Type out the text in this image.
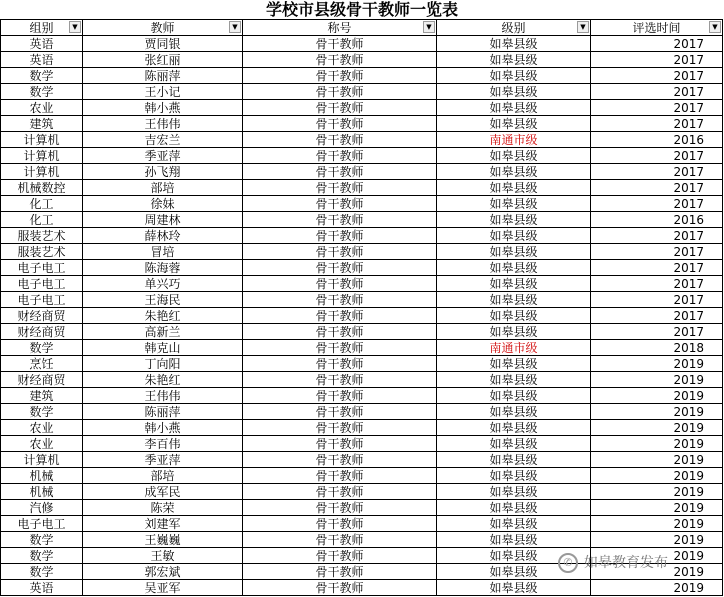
学校市县级骨干教师一览表
组别 ▼	教师 ▼	称号 ▼	级别 ▼	评选时间 ▼

英语	贾同银	骨干教师	如皋县级	2017
英语	张红丽	骨干教师	如皋县级	2017
数学	陈丽萍	骨干教师	如皋县级	2017
数学	王小记	骨干教师	如皋县级	2017
农业	韩小燕	骨干教师	如皋县级	2017
建筑	王伟伟	骨干教师	如皋县级	2017
计算机	吉宏兰	骨干教师	南通市级	2016
计算机	季亚萍	骨干教师	如皋县级	2017
计算机	孙飞翔	骨干教师	如皋县级	2017
机械数控	部培	骨干教师	如皋县级	2017
化工	徐妹	骨干教师	如皋县级	2017
化工	周建林	骨干教师	如皋县级	2016
服装艺术	薛林玲	骨干教师	如皋县级	2017
服装艺术	冒培	骨干教师	如皋县级	2017
电子电工	陈海蓉	骨干教师	如皋县级	2017
电子电工	单兴巧	骨干教师	如皋县级	2017
电子电工	王海民	骨干教师	如皋县级	2017
财经商贸	朱艳红	骨干教师	如皋县级	2017
财经商贸	高新兰	骨干教师	如皋县级	2017
数学	韩克山	骨干教师	南通市级	2018
烹饪	丁向阳	骨干教师	如皋县级	2019
财经商贸	朱艳红	骨干教师	如皋县级	2019
建筑	王伟伟	骨干教师	如皋县级	2019
数学	陈丽萍	骨干教师	如皋县级	2019
农业	韩小燕	骨干教师	如皋县级	2019
农业	李百伟	骨干教师	如皋县级	2019
计算机	季亚萍	骨干教师	如皋县级	2019
机械	部培	骨干教师	如皋县级	2019
机械	成军民	骨干教师	如皋县级	2019
汽修	陈荣	骨干教师	如皋县级	2019
电子电工	刘建军	骨干教师	如皋县级	2019
数学	王巍巍	骨干教师	如皋县级	2019
数学	王敏	骨干教师	如皋县级	2019
数学	郭宏斌	骨干教师	如皋县级	2019
英语	吴亚军	骨干教师	如皋县级	2019
✆ 如皋教育发布
